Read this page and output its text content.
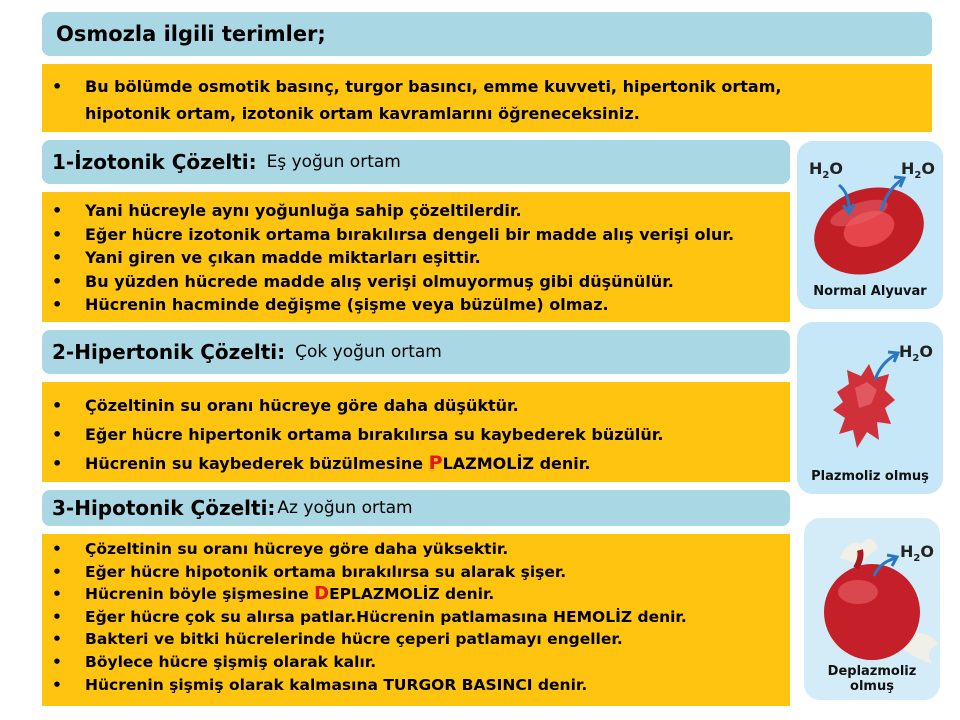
Osmozla ilgili terimler;
• Bu bölümde osmotik basınç, turgor basıncı, emme kuvveti, hipertonik ortam,
hipotonik ortam, izotonik ortam kavramlarını öğreneceksiniz.
1-İzotonik Çözelti: Eş yoğun ortam
• Yani hücreyle aynı yoğunluğa sahip çözeltilerdir.
• Eğer hücre izotonik ortama bırakılırsa dengeli bir madde alış verişi olur.
• Yani giren ve çıkan madde miktarları eşittir.
• Bu yüzden hücrede madde alış verişi olmuyormuş gibi düşünülür.
• Hücrenin hacminde değişme (şişme veya büzülme) olmaz.
2-Hipertonik Çözelti: Çok yoğun ortam
• Çözeltinin su oranı hücreye göre daha düşüktür.
• Eğer hücre hipertonik ortama bırakılırsa su kaybederek büzülür.
• Hücrenin su kaybederek büzülmesine PLAZMOLİZ denir.
3-Hipotonik Çözelti: Az yoğun ortam
• Çözeltinin su oranı hücreye göre daha yüksektir.
• Eğer hücre hipotonik ortama bırakılırsa su alarak şişer.
• Hücrenin böyle şişmesine DEPLAZMOLİZ denir.
• Eğer hücre çok su alırsa patlar.Hücrenin patlamasına HEMOLİZ denir.
• Bakteri ve bitki hücrelerinde hücre çeperi patlamayı engeller.
• Böylece hücre şişmiş olarak kalır.
• Hücrenin şişmiş olarak kalmasına TURGOR BASINCI denir.
$H_2O$	$H_2O$
Normal Alyuvar
$H_2O$
Plazmoliz olmuş
$H_2O$
Deplazmoliz olmuş
